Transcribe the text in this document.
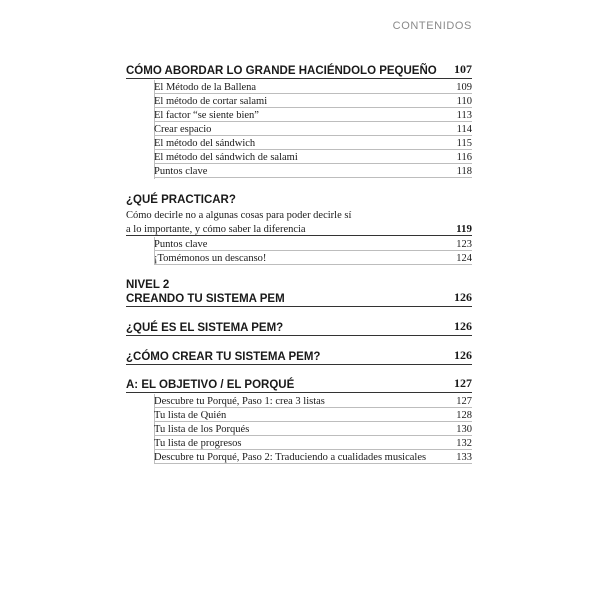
CONTENIDOS
CÓMO ABORDAR LO GRANDE HACIÉNDOLO PEQUEÑO 107
El Método de la Ballena	109
El método de cortar salami	110
El factor “se siente bien”	113
Crear espacio	114
El método del sándwich	115
El método del sándwich de salami	116
Puntos clave	118
¿QUÉ PRACTICAR?
Cómo decirle no a algunas cosas para poder decirle sí
a lo importante, y cómo saber la diferencia	119
Puntos clave	123
¡Tomémonos un descanso!	124
NIVEL 2
CREANDO TU SISTEMA PEM	126
¿QUÉ ES EL SISTEMA PEM?	126
¿CÓMO CREAR TU SISTEMA PEM?	126
A: EL OBJETIVO / EL PORQUÉ	127
Descubre tu Porqué, Paso 1: crea 3 listas	127
Tu lista de Quién	128
Tu lista de los Porqués	130
Tu lista de progresos	132
Descubre tu Porqué, Paso 2: Traduciendo a cualidades musicales	133
